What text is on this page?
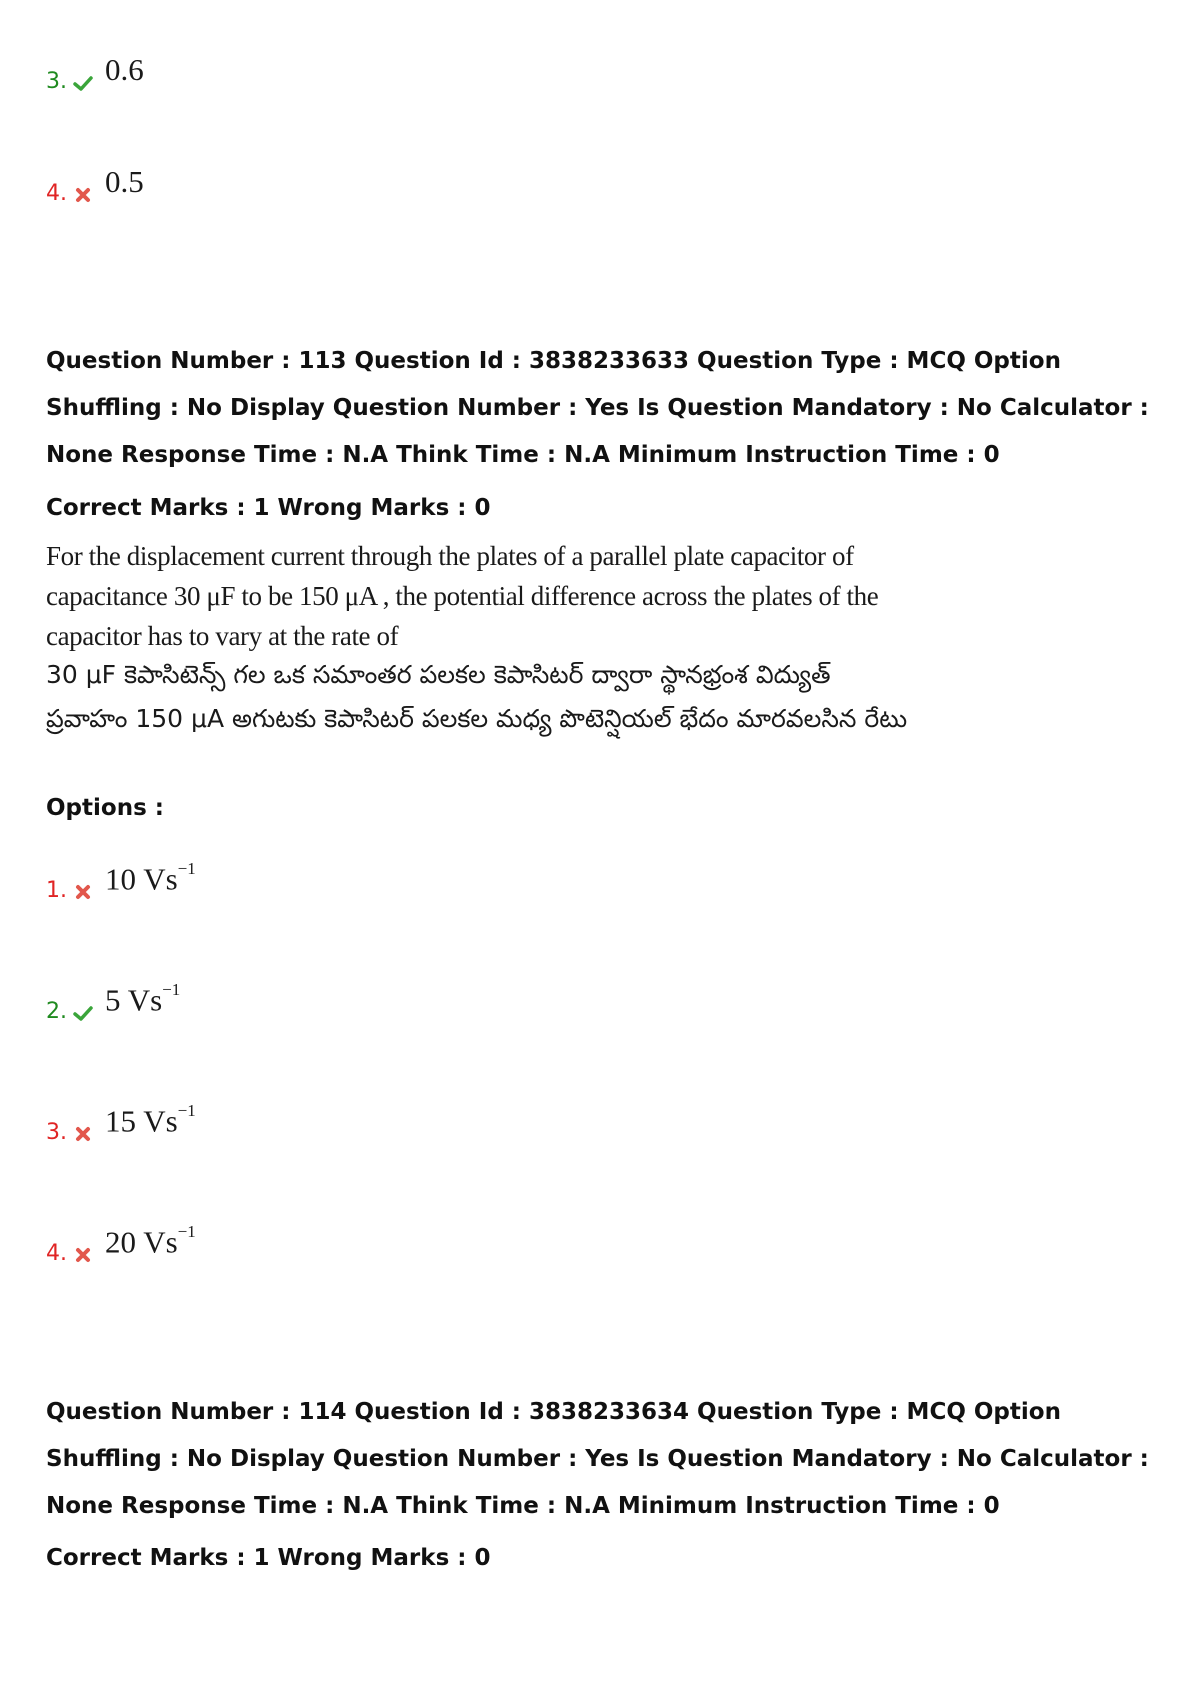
3. 0.6
4. 0.5
Question Number : 113 Question Id : 3838233633 Question Type : MCQ Option Shuffling : No Display Question Number : Yes Is Question Mandatory : No Calculator : None Response Time : N.A Think Time : N.A Minimum Instruction Time : 0
Correct Marks : 1 Wrong Marks : 0
For the displacement current through the plates of a parallel plate capacitor of capacitance 30 μF to be 150 μA , the potential difference across the plates of the capacitor has to vary at the rate of
30 μF కెపాసిటెన్స్ గల ఒక సమాంతర పలకల కెపాసిటర్ ద్వారా స్థానభ్రంశ విద్యుత్ ప్రవాహం 150 μA అగుటకు కెపాసిటర్ పలకల మధ్య పొటెన్షియల్ భేదం మారవలసిన రేటు
Options :
1. 10 $Vs^{-1}$
2. 5 $Vs^{-1}$
3. 15 $Vs^{-1}$
4. 20 $Vs^{-1}$
Question Number : 114 Question Id : 3838233634 Question Type : MCQ Option Shuffling : No Display Question Number : Yes Is Question Mandatory : No Calculator : None Response Time : N.A Think Time : N.A Minimum Instruction Time : 0
Correct Marks : 1 Wrong Marks : 0
